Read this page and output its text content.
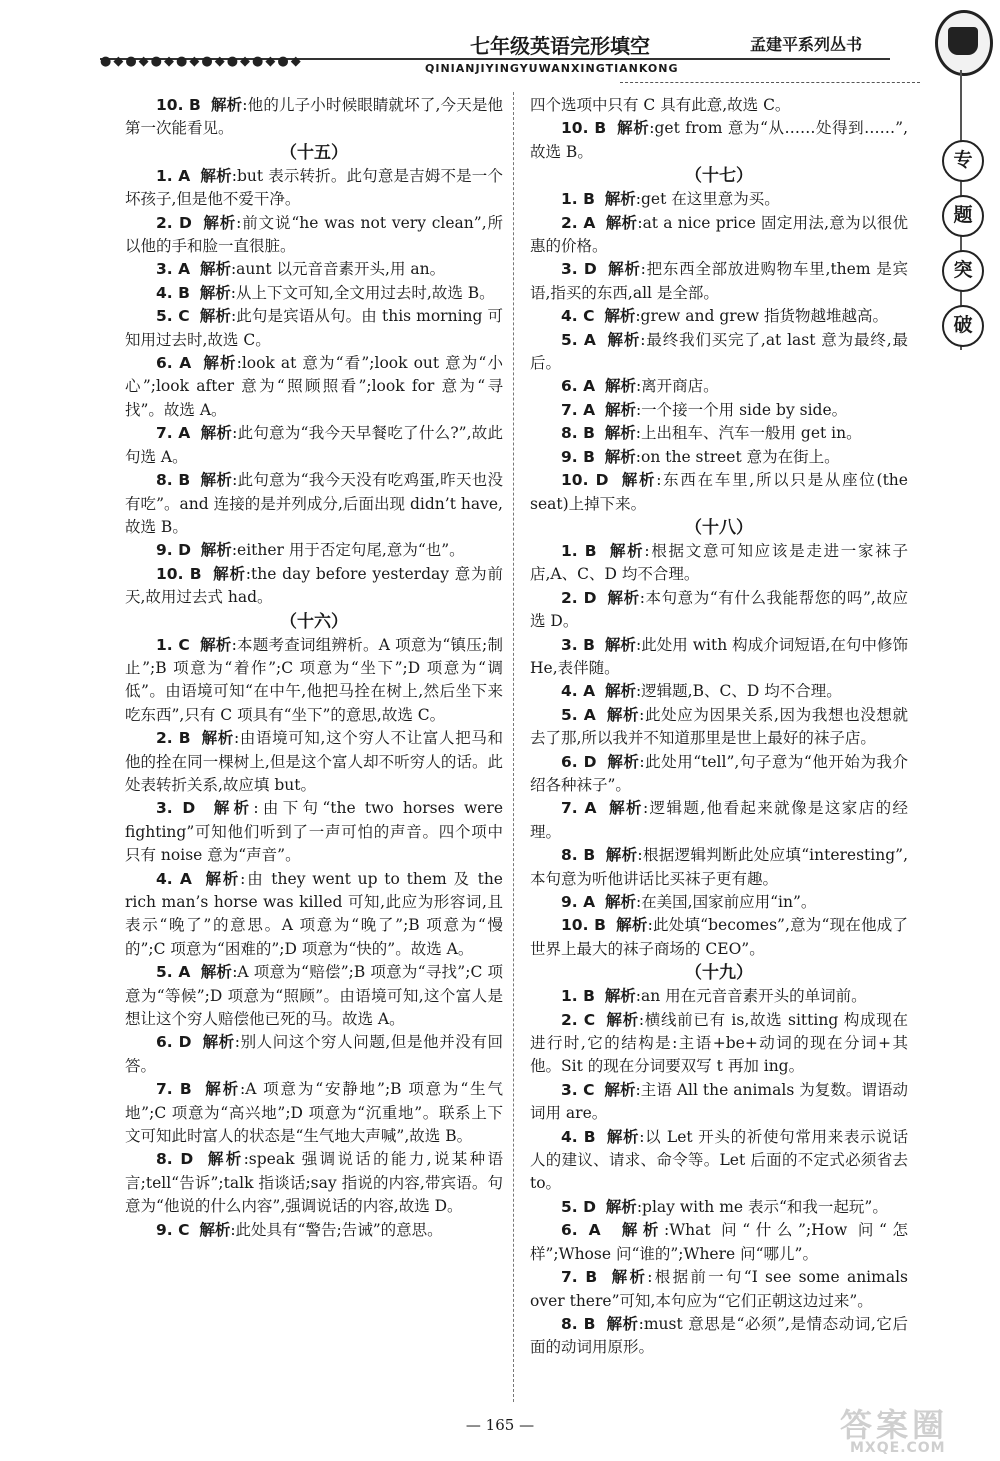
●◆●◆●◆●◆●◆●◆●◆●◆
七年级英语完形填空
QINIANJIYINGYUWANXINGTIANKONG
孟建平系列丛书
专
题
突
破

10. B 解析:他的儿子小时候眼睛就坏了,今天是他第一次能看见。

（十五）

1. A 解析:but 表示转折。此句意是吉姆不是一个坏孩子,但是他不爱干净。

2. D 解析:前文说“he was not very clean”,所以他的手和脸一直很脏。

3. A 解析:aunt 以元音音素开头,用 an。

4. B 解析:从上下文可知,全文用过去时,故选 B。

5. C 解析:此句是宾语从句。由 this morning 可知用过去时,故选 C。

6. A 解析:look at 意为“看”;look out 意为“小心”;look after 意为“照顾照看”;look for 意为“寻找”。故选 A。

7. A 解析:此句意为“我今天早餐吃了什么?”,故此句选 A。

8. B 解析:此句意为“我今天没有吃鸡蛋,昨天也没有吃”。and 连接的是并列成分,后面出现 didn’t have,故选 B。

9. D 解析:either 用于否定句尾,意为“也”。

10. B 解析:the day before yesterday 意为前天,故用过去式 had。

（十六）

1. C 解析:本题考查词组辨析。A 项意为“镇压;制止”;B 项意为“着作”;C 项意为“坐下”;D 项意为“调低”。由语境可知“在中午,他把马拴在树上,然后坐下来吃东西”,只有 C 项具有“坐下”的意思,故选 C。

2. B 解析:由语境可知,这个穷人不让富人把马和他的拴在同一棵树上,但是这个富人却不听穷人的话。此处表转折关系,故应填 but。

3. D 解析:由下句“the two horses were fighting”可知他们听到了一声可怕的声音。四个项中只有 noise 意为“声音”。

4. A 解析:由 they went up to them 及 the rich man’s horse was killed 可知,此应为形容词,且表示“晚了”的意思。A 项意为“晚了”;B 项意为“慢的”;C 项意为“困难的”;D 项意为“快的”。故选 A。

5. A 解析:A 项意为“赔偿”;B 项意为“寻找”;C 项意为“等候”;D 项意为“照顾”。由语境可知,这个富人是想让这个穷人赔偿他已死的马。故选 A。

6. D 解析:别人问这个穷人问题,但是他并没有回答。

7. B 解析:A 项意为“安静地”;B 项意为“生气地”;C 项意为“高兴地”;D 项意为“沉重地”。联系上下文可知此时富人的状态是“生气地大声喊”,故选 B。

8. D 解析:speak 强调说话的能力,说某种语言;tell“告诉”;talk 指谈话;say 指说的内容,带宾语。句意为“他说的什么内容”,强调说话的内容,故选 D。

9. C 解析:此处具有“警告;告诫”的意思。

四个选项中只有 C 具有此意,故选 C。

10. B 解析:get from 意为“从……处得到……”,故选 B。

（十七）

1. B 解析:get 在这里意为买。

2. A 解析:at a nice price 固定用法,意为以很优惠的价格。

3. D 解析:把东西全部放进购物车里,them 是宾语,指买的东西,all 是全部。

4. C 解析:grew and grew 指货物越堆越高。

5. A 解析:最终我们买完了,at last 意为最终,最后。

6. A 解析:离开商店。

7. A 解析:一个接一个用 side by side。

8. B 解析:上出租车、汽车一般用 get in。

9. B 解析:on the street 意为在街上。

10. D 解析:东西在车里,所以只是从座位(the seat)上掉下来。

（十八）

1. B 解析:根据文意可知应该是走进一家袜子店,A、C、D 均不合理。

2. D 解析:本句意为“有什么我能帮您的吗”,故应选 D。

3. B 解析:此处用 with 构成介词短语,在句中修饰 He,表伴随。

4. A 解析:逻辑题,B、C、D 均不合理。

5. A 解析:此处应为因果关系,因为我想也没想就去了那,所以我并不知道那里是世上最好的袜子店。

6. D 解析:此处用“tell”,句子意为“他开始为我介绍各种袜子”。

7. A 解析:逻辑题,他看起来就像是这家店的经理。

8. B 解析:根据逻辑判断此处应填“interesting”,本句意为听他讲话比买袜子更有趣。

9. A 解析:在美国,国家前应用“in”。

10. B 解析:此处填“becomes”,意为“现在他成了世界上最大的袜子商场的 CEO”。

（十九）

1. B 解析:an 用在元音音素开头的单词前。

2. C 解析:横线前已有 is,故选 sitting 构成现在进行时,它的结构是:主语+be+动词的现在分词+其他。Sit 的现在分词要双写 t 再加 ing。

3. C 解析:主语 All the animals 为复数。谓语动词用 are。

4. B 解析:以 Let 开头的祈使句常用来表示说话人的建议、请求、命令等。Let 后面的不定式必须省去 to。

5. D 解析:play with me 表示“和我一起玩”。

6. A 解析:What 问“什么”;How 问“怎样”;Whose 问“谁的”;Where 问“哪儿”。

7. B 解析:根据前一句“I see some animals over there”可知,本句应为“它们正朝这边过来”。

8. B 解析:must 意思是“必须”,是情态动词,它后面的动词用原形。

— 165 —	答案圈
MXQE.COM
